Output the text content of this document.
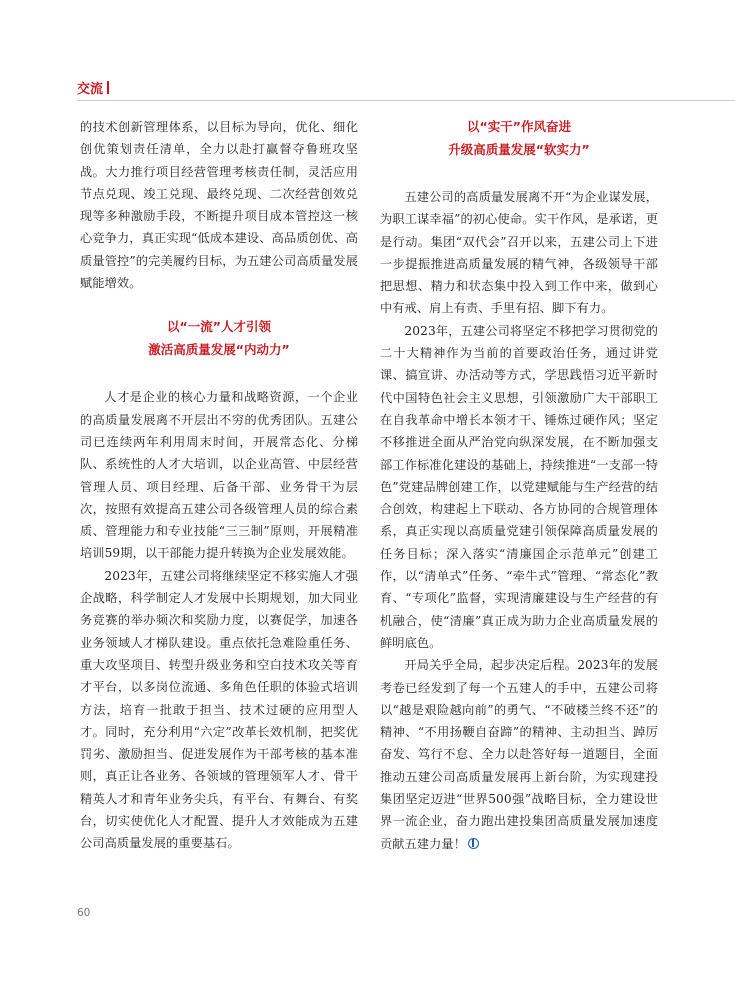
交流

的技术创新管理体系，以目标为导向，优化、细化创优策划责任清单，全力以赴打赢督夺鲁班攻坚战。大力推行项目经营管理考核责任制，灵活应用节点兑现、竣工兑现、最终兑现、二次经营创效兑现等多种激励手段，不断提升项目成本管控这一核心竞争力，真正实现“低成本建设、高品质创优、高质量管控”的完美履约目标，为五建公司高质量发展赋能增效。

以“一流”人才引领

激活高质量发展“内动力”

人才是企业的核心力量和战略资源，一个企业的高质量发展离不开层出不穷的优秀团队。五建公司已连续两年利用周末时间，开展常态化、分梯队、系统性的人才大培训，以企业高管、中层经营管理人员、项目经理、后备干部、业务骨干为层次，按照有效提高五建公司各级管理人员的综合素质、管理能力和专业技能“三三制”原则，开展精准培训59期，以干部能力提升转换为企业发展效能。

2023年，五建公司将继续坚定不移实施人才强企战略，科学制定人才发展中长期规划，加大同业务竞赛的举办频次和奖励力度，以赛促学，加速各业务领域人才梯队建设。重点依托急难险重任务、重大攻坚项目、转型升级业务和空白技术攻关等育才平台，以多岗位流通、多角色任职的体验式培训方法，培育一批敢于担当、技术过硬的应用型人才。同时，充分利用“六定”改革长效机制，把奖优罚劣、激励担当、促进发展作为干部考核的基本准则，真正让各业务、各领域的管理领军人才、骨干精英人才和青年业务尖兵，有平台、有舞台、有奖台，切实使优化人才配置、提升人才效能成为五建公司高质量发展的重要基石。

以“实干”作风奋进

升级高质量发展“软实力”

五建公司的高质量发展离不开“为企业谋发展，为职工谋幸福”的初心使命。实干作风，是承诺，更是行动。集团“双代会”召开以来，五建公司上下进一步提振推进高质量发展的精气神，各级领导干部把思想、精力和状态集中投入到工作中来，做到心中有戒、肩上有责、手里有招、脚下有力。

2023年，五建公司将坚定不移把学习贯彻党的二十大精神作为当前的首要政治任务，通过讲党课、搞宣讲、办活动等方式，学思践悟习近平新时代中国特色社会主义思想，引领激励广大干部职工在自我革命中增长本领才干、锤炼过硬作风；坚定不移推进全面从严治党向纵深发展，在不断加强支部工作标准化建设的基础上，持续推进“一支部一特色”党建品牌创建工作，以党建赋能与生产经营的结合创效，构建起上下联动、各方协同的合规管理体系，真正实现以高质量党建引领保障高质量发展的任务目标；深入落实“清廉国企示范单元”创建工作，以“清单式”任务、“牵牛式”管理、“常态化”教育、“专项化”监督，实现清廉建设与生产经营的有机融合，使“清廉”真正成为助力企业高质量发展的鲜明底色。

开局关乎全局，起步决定后程。2023年的发展考卷已经发到了每一个五建人的手中，五建公司将以“越是艰险越向前”的勇气、“不破楼兰终不还”的精神、“不用扬鞭自奋蹄”的精神、主动担当、踔厉奋发、笃行不怠、全力以赴答好每一道题目，全面推动五建公司高质量发展再上新台阶，为实现建投集团坚定迈进“世界500强”战略目标，全力建设世界一流企业，奋力跑出建投集团高质量发展加速度贡献五建力量！

60
